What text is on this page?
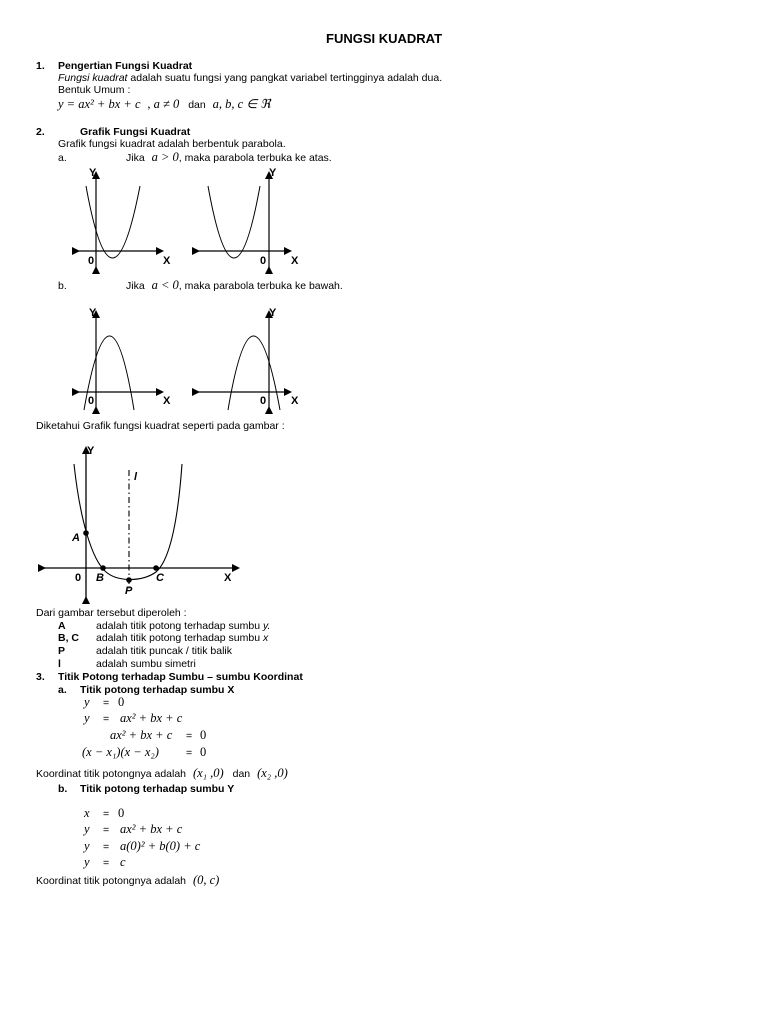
FUNGSI KUADRAT
1. Pengertian Fungsi Kuadrat
Fungsi kuadrat adalah suatu fungsi yang pangkat variabel tertingginya adalah dua.
Bentuk Umum :
y = ax² + bx + c , a ≠ 0 dan a, b, c ∈ ℜ
2.	Grafik Fungsi Kuadrat
Grafik fungsi kuadrat adalah berbentuk parabola.
a.	Jika a > 0, maka parabola terbuka ke atas.
Y
X
0
Y
X
0
b.	Jika a < 0, maka parabola terbuka ke bawah.
Y
X
0
Y
X
0
Diketahui Grafik fungsi kuadrat seperti pada gambar :
Y
X
0
l
A
B	C
P
Dari gambar tersebut diperoleh :
A	adalah titik potong terhadap sumbu y.
B, C adalah titik potong terhadap sumbu x
P	adalah titik puncak / titik balik
l	adalah sumbu simetri
3. Titik Potong terhadap Sumbu – sumbu Koordinat
a. Titik potong terhadap sumbu X
y = 0
y = ax² + bx + c
ax² + bx + c = 0
(x − x₁)(x − x₂)	= 0
Koordinat titik potongnya adalah (x₁ ,0) dan (x₂ ,0)
b. Titik potong terhadap sumbu Y
x = 0
y = ax² + bx + c
y = a(0)² + b(0) + c
y = c
Koordinat titik potongnya adalah (0, c)
